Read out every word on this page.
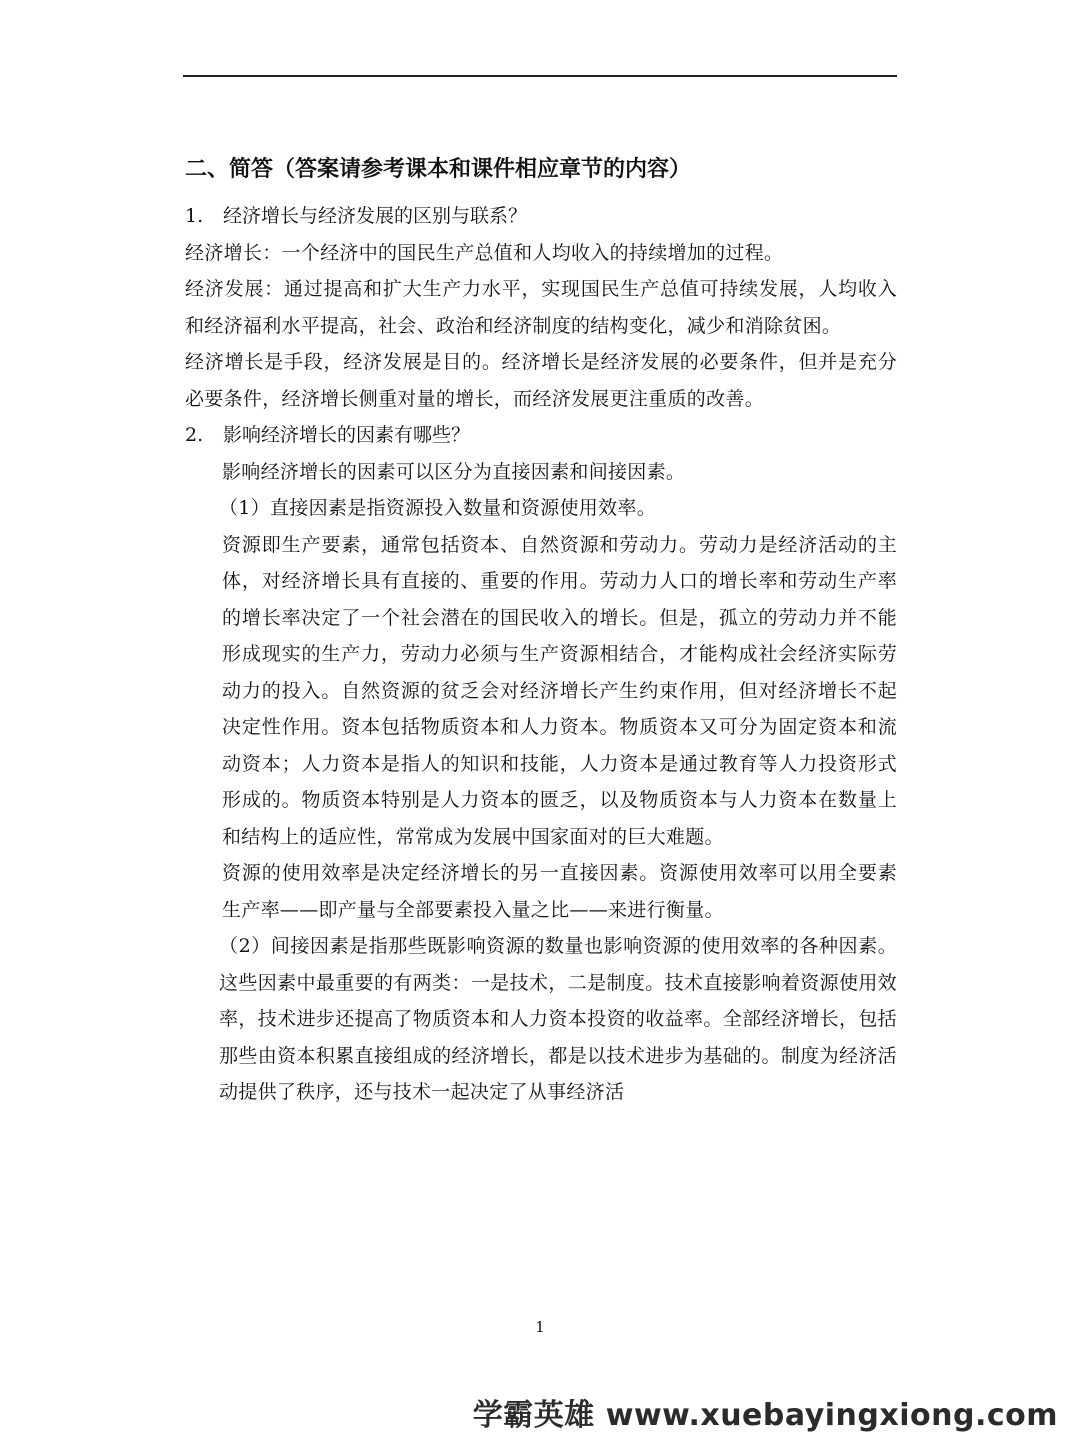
二、简答（答案请参考课本和课件相应章节的内容）
1. 经济增长与经济发展的区别与联系？
经济增长：一个经济中的国民生产总值和人均收入的持续增加的过程。
经济发展：通过提高和扩大生产力水平，实现国民生产总值可持续发展，人均收入和经济福利水平提高，社会、政治和经济制度的结构变化，减少和消除贫困。
经济增长是手段，经济发展是目的。经济增长是经济发展的必要条件，但并是充分必要条件，经济增长侧重对量的增长，而经济发展更注重质的改善。
2. 影响经济增长的因素有哪些？
影响经济增长的因素可以区分为直接因素和间接因素。
（1）直接因素是指资源投入数量和资源使用效率。
资源即生产要素，通常包括资本、自然资源和劳动力。劳动力是经济活动的主体，对经济增长具有直接的、重要的作用。劳动力人口的增长率和劳动生产率的增长率决定了一个社会潜在的国民收入的增长。但是，孤立的劳动力并不能形成现实的生产力，劳动力必须与生产资源相结合，才能构成社会经济实际劳动力的投入。自然资源的贫乏会对经济增长产生约束作用，但对经济增长不起决定性作用。资本包括物质资本和人力资本。物质资本又可分为固定资本和流动资本；人力资本是指人的知识和技能，人力资本是通过教育等人力投资形式形成的。物质资本特别是人力资本的匮乏，以及物质资本与人力资本在数量上和结构上的适应性，常常成为发展中国家面对的巨大难题。
资源的使用效率是决定经济增长的另一直接因素。资源使用效率可以用全要素生产率——即产量与全部要素投入量之比——来进行衡量。
（2）间接因素是指那些既影响资源的数量也影响资源的使用效率的各种因素。这些因素中最重要的有两类：一是技术，二是制度。技术直接影响着资源使用效率，技术进步还提高了物质资本和人力资本投资的收益率。全部经济增长，包括那些由资本积累直接组成的经济增长，都是以技术进步为基础的。制度为经济活动提供了秩序，还与技术一起决定了从事经济活
1
学霸英雄 www.xuebayingxiong.com
